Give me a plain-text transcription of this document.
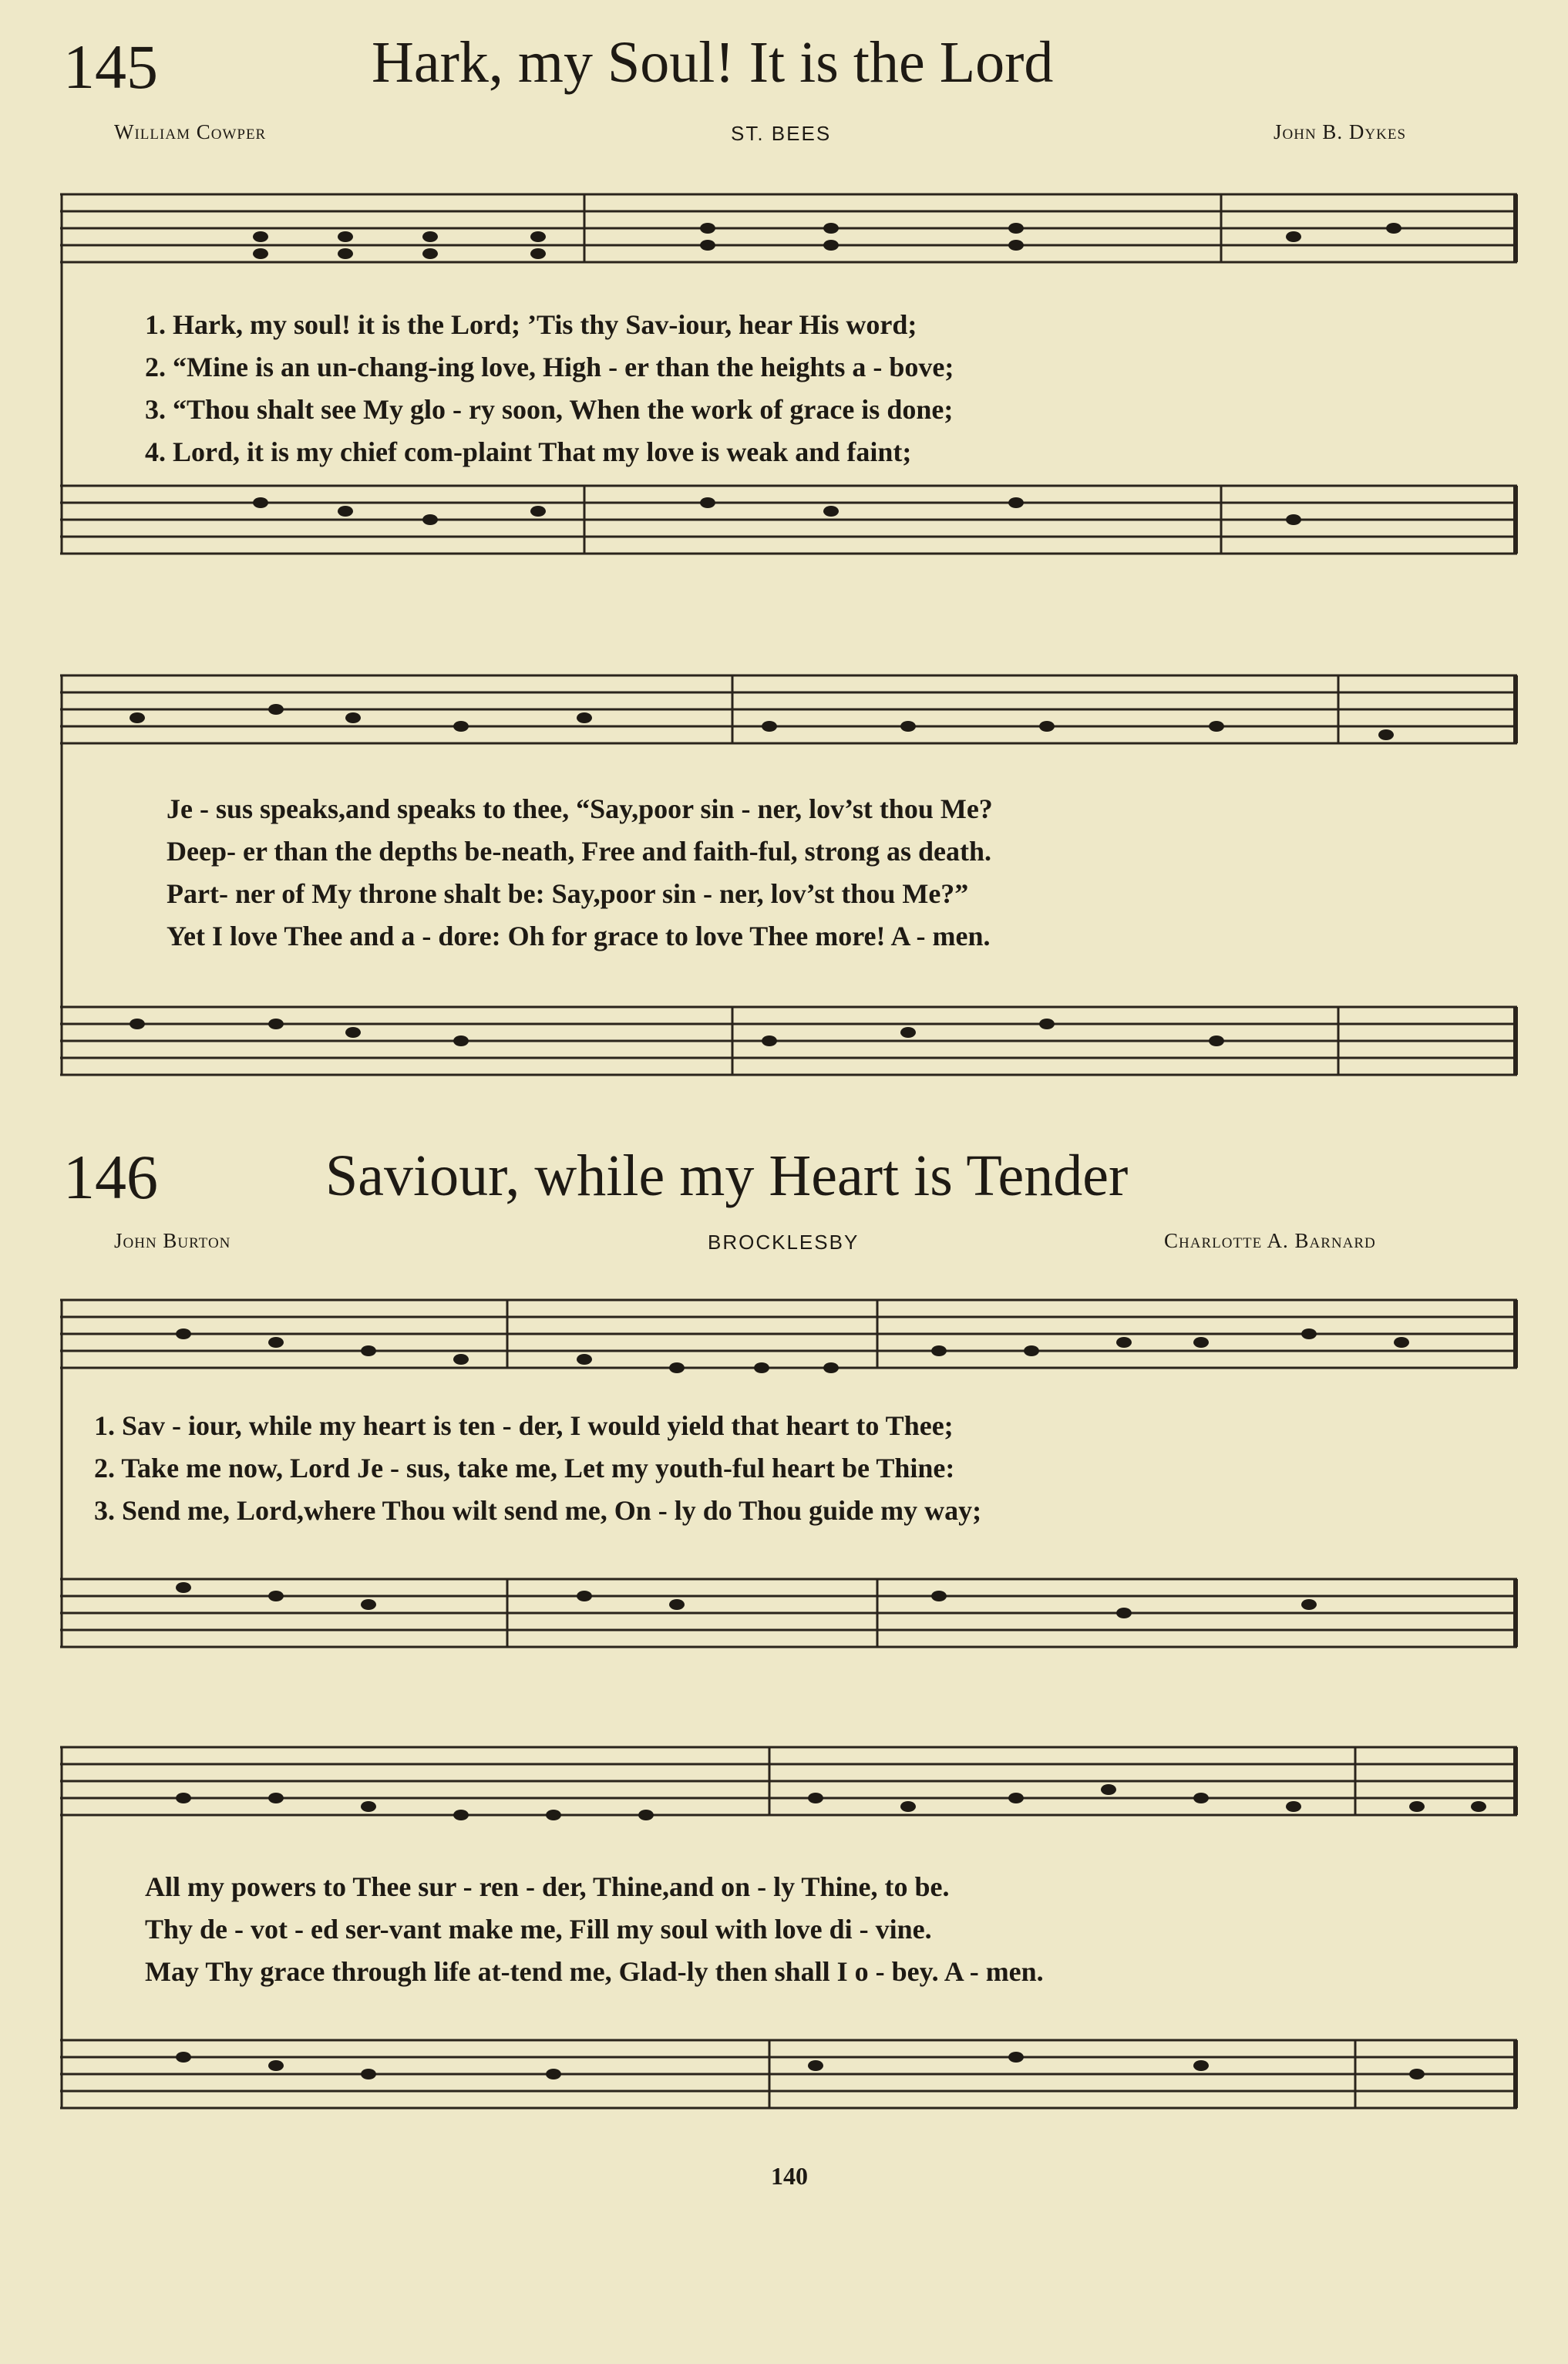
145	Hark, my Soul! It is the Lord
William Cowper	ST. BEES	John B. Dykes
1. Hark, my soul! it is the Lord; ’Tis thy Sav-iour, hear His word;
2. “Mine is an un-chang-ing love, High - er than the heights a - bove;
3. “Thou shalt see My glo - ry soon, When the work of grace is done;
4. Lord, it is my chief com-plaint That my love is weak and faint;
Je - sus speaks,and speaks to thee, “Say,poor sin - ner, lov’st thou Me?
Deep- er than the depths be-neath, Free and faith-ful, strong as death.
Part- ner of My throne shalt be: Say,poor sin - ner, lov’st thou Me?”
Yet I love Thee and a - dore: Oh for grace to love Thee more! A - men.
146	Saviour, while my Heart is Tender
John Burton	BROCKLESBY	Charlotte A. Barnard
1. Sav - iour, while my heart is ten - der, I would yield that heart to Thee;
2. Take me now, Lord Je - sus, take me, Let my youth-ful heart be Thine:
3. Send me, Lord,where Thou wilt send me, On - ly do Thou guide my way;
All my powers to Thee sur - ren - der, Thine,and on - ly Thine, to be.
Thy de - vot - ed ser-vant make me, Fill my soul with love di - vine.
May Thy grace through life at-tend me, Glad-ly then shall I o - bey. A - men.
140
